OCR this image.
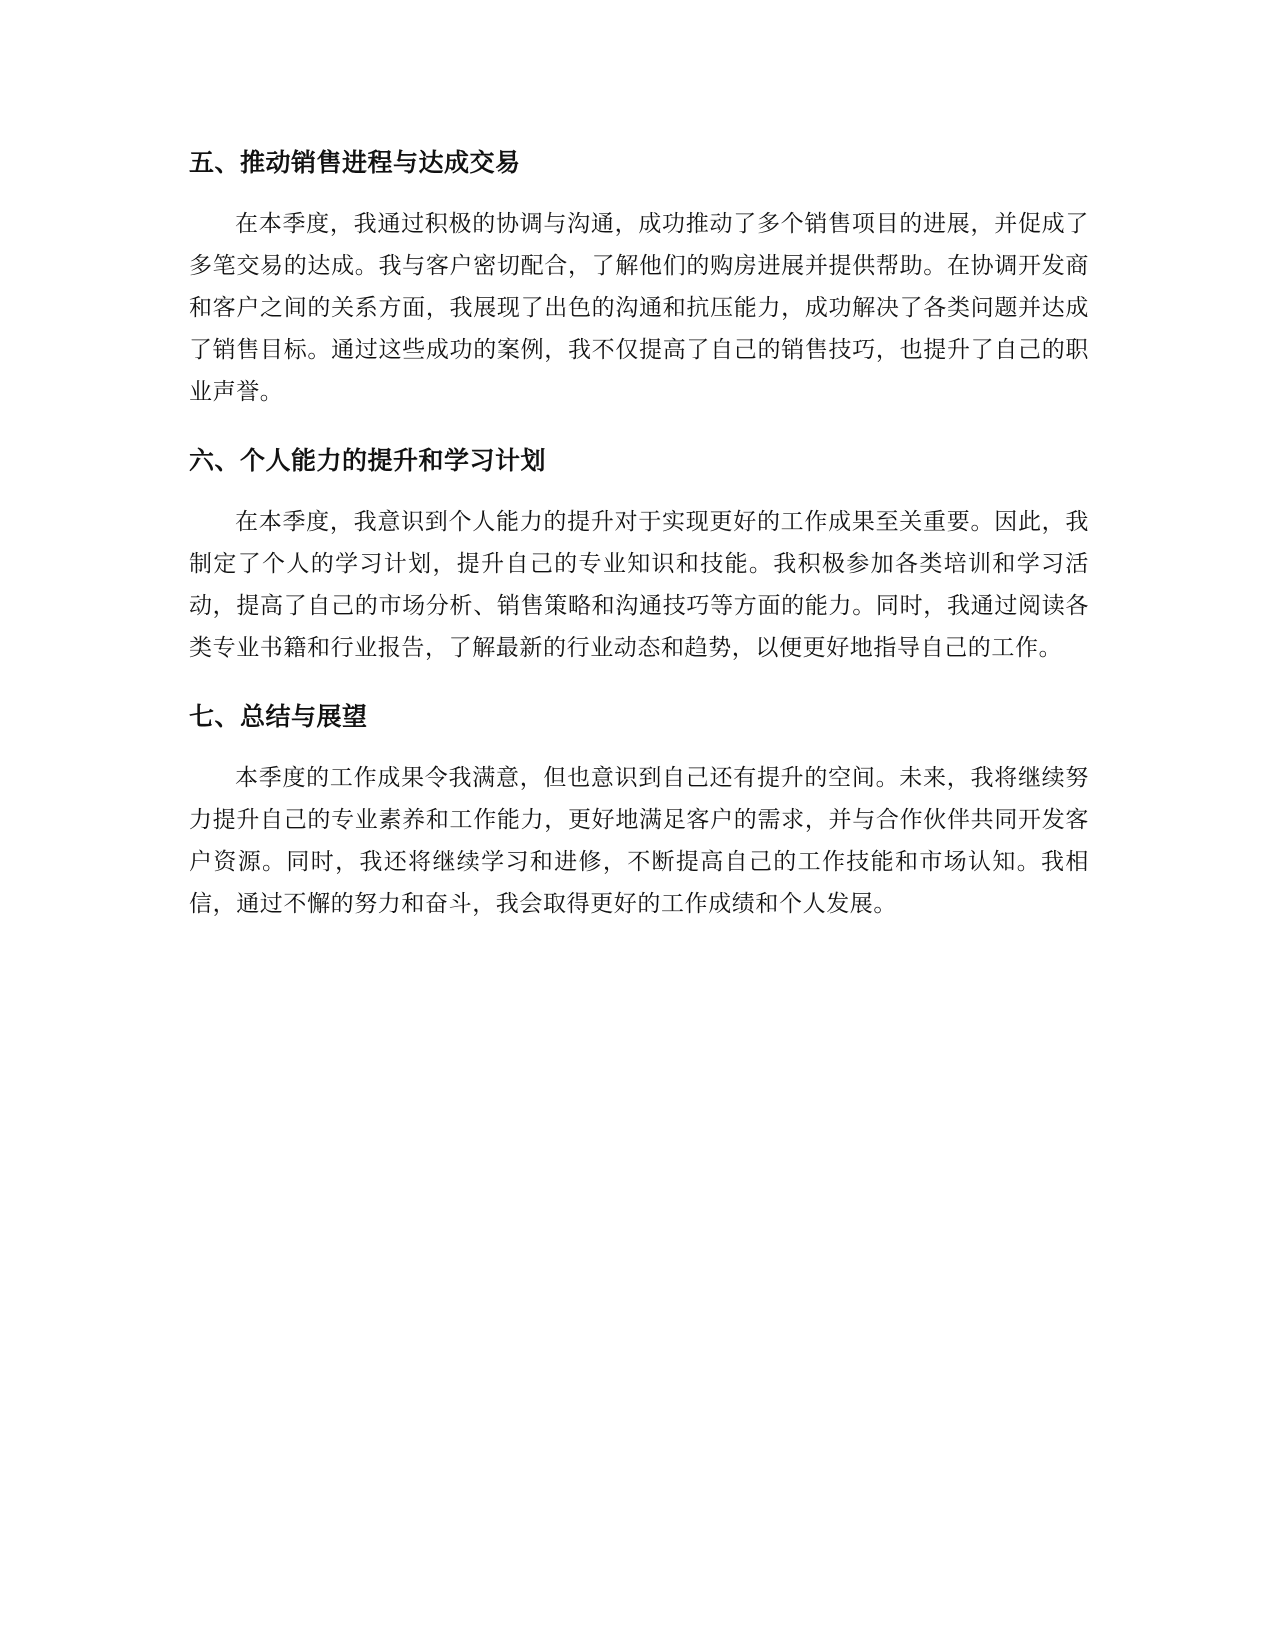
五、推动销售进程与达成交易

在本季度，我通过积极的协调与沟通，成功推动了多个销售项目的进展，并促成了多笔交易的达成。我与客户密切配合，了解他们的购房进展并提供帮助。在协调开发商和客户之间的关系方面，我展现了出色的沟通和抗压能力，成功解决了各类问题并达成了销售目标。通过这些成功的案例，我不仅提高了自己的销售技巧，也提升了自己的职业声誉。

六、个人能力的提升和学习计划

在本季度，我意识到个人能力的提升对于实现更好的工作成果至关重要。因此，我制定了个人的学习计划，提升自己的专业知识和技能。我积极参加各类培训和学习活动，提高了自己的市场分析、销售策略和沟通技巧等方面的能力。同时，我通过阅读各类专业书籍和行业报告，了解最新的行业动态和趋势，以便更好地指导自己的工作。

七、总结与展望

本季度的工作成果令我满意，但也意识到自己还有提升的空间。未来，我将继续努力提升自己的专业素养和工作能力，更好地满足客户的需求，并与合作伙伴共同开发客户资源。同时，我还将继续学习和进修，不断提高自己的工作技能和市场认知。我相信，通过不懈的努力和奋斗，我会取得更好的工作成绩和个人发展。
